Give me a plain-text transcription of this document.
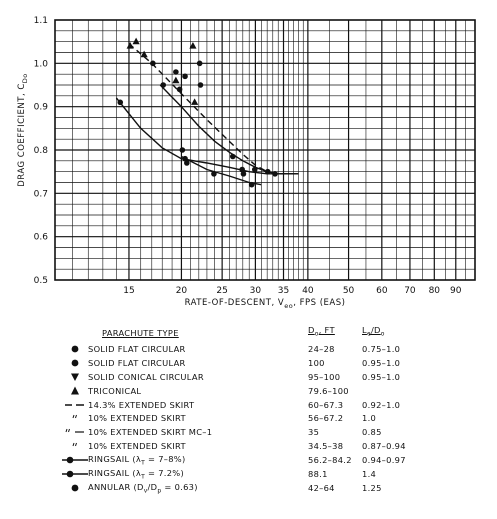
15	20	25 30 35 40	50 60 70 80 90
0.5
0.6
0.7
0.8
0.9
1.0
1.1
RATE-OF-DESCENT, $V_{eo}$, FPS (EAS)
DRAG COEFFICIENT, $C_{Do}$
PARACHUTE TYPE	$D_o$, FT	$L_e/D_o$
SOLID FLAT CIRCULAR	24–28	0.75–1.0
SOLID FLAT CIRCULAR	100	0.95–1.0
SOLID CONICAL CIRCULAR	95–100	0.95–1.0
TRICONICAL	79.6–100
14.3% EXTENDED SKIRT	60–67.3	0.92–1.0
10% EXTENDED SKIRT	56–67.2	1.0
10% EXTENDED SKIRT MC–1	35	0.85
10% EXTENDED SKIRT	34.5–38	0.87–0.94
RINGSAIL $(\lambda_T = 7-8\%)$	56.2–84.2	0.94–0.97
RINGSAIL $(\lambda_T = 7.2\%)$	88.1	1.4
ANNULAR $(D_v/D_p = 0.63)$	42–64	1.25
